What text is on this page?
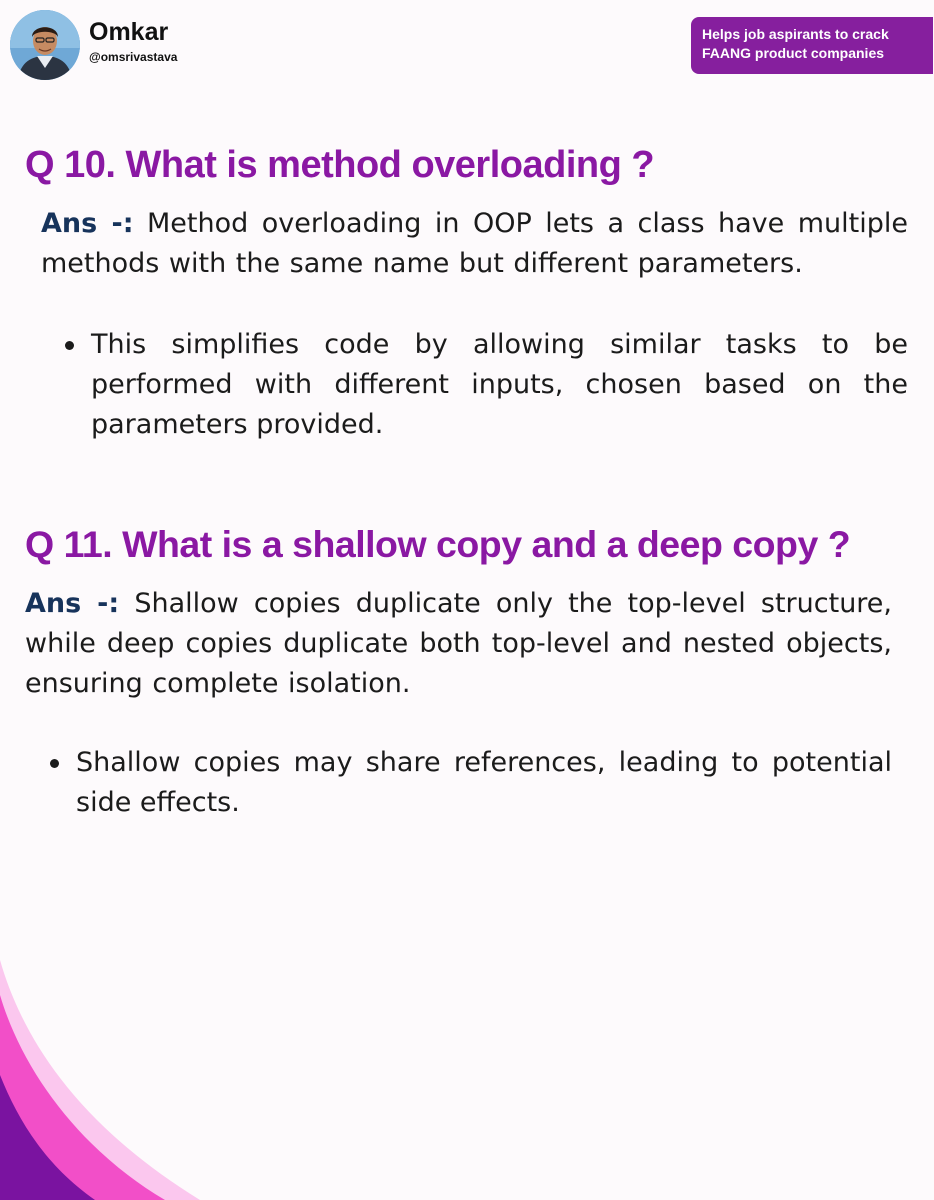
Omkar
@omsrivastava
Helps job aspirants to crack
FAANG product companies
Q 10. What is method overloading ?

Ans -: Method overloading in OOP lets a class have multiple methods with the same name but different parameters.

This simplifies code by allowing similar tasks to be performed with different inputs, chosen based on the parameters provided.
Q 11. What is a shallow copy and a deep copy ?

Ans -: Shallow copies duplicate only the top-level structure, while deep copies duplicate both top-level and nested objects, ensuring complete isolation.

Shallow copies may share references, leading to potential side effects.
